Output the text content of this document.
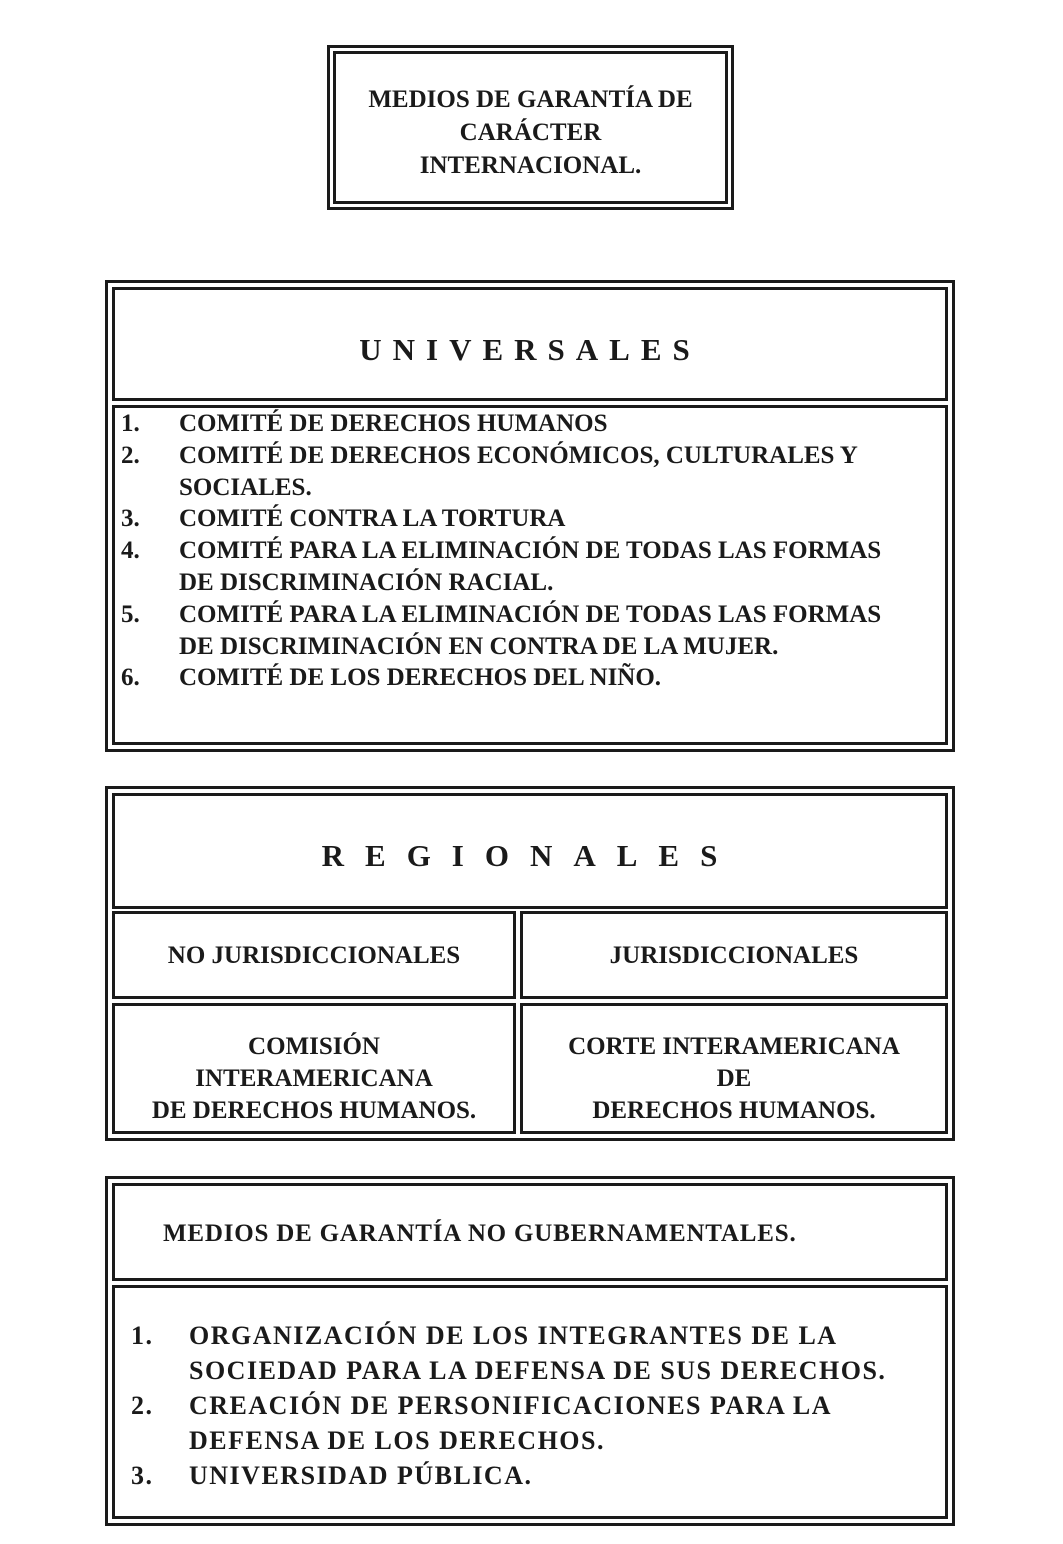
MEDIOS DE GARANTÍA DE
CARÁCTER
INTERNACIONAL.
UNIVERSALES
1. COMITÉ DE DERECHOS HUMANOS
2. COMITÉ DE DERECHOS ECONÓMICOS, CULTURALES Y SOCIALES.
3. COMITÉ CONTRA LA TORTURA
4. COMITÉ PARA LA ELIMINACIÓN DE TODAS LAS FORMAS DE DISCRIMINACIÓN RACIAL.
5. COMITÉ PARA LA ELIMINACIÓN DE TODAS LAS FORMAS DE DISCRIMINACIÓN EN CONTRA DE LA MUJER.
6. COMITÉ DE LOS DERECHOS DEL NIÑO.
REGIONALES
NO JURISDICCIONALES	JURISDICCIONALES
COMISIÓN
INTERAMERICANA
DE DERECHOS HUMANOS.
CORTE INTERAMERICANA
DE
DERECHOS HUMANOS.
MEDIOS DE GARANTÍA NO GUBERNAMENTALES.
1. ORGANIZACIÓN DE LOS INTEGRANTES DE LA SOCIEDAD PARA LA DEFENSA DE SUS DERECHOS.
2. CREACIÓN DE PERSONIFICACIONES PARA LA DEFENSA DE LOS DERECHOS.
3. UNIVERSIDAD PÚBLICA.
